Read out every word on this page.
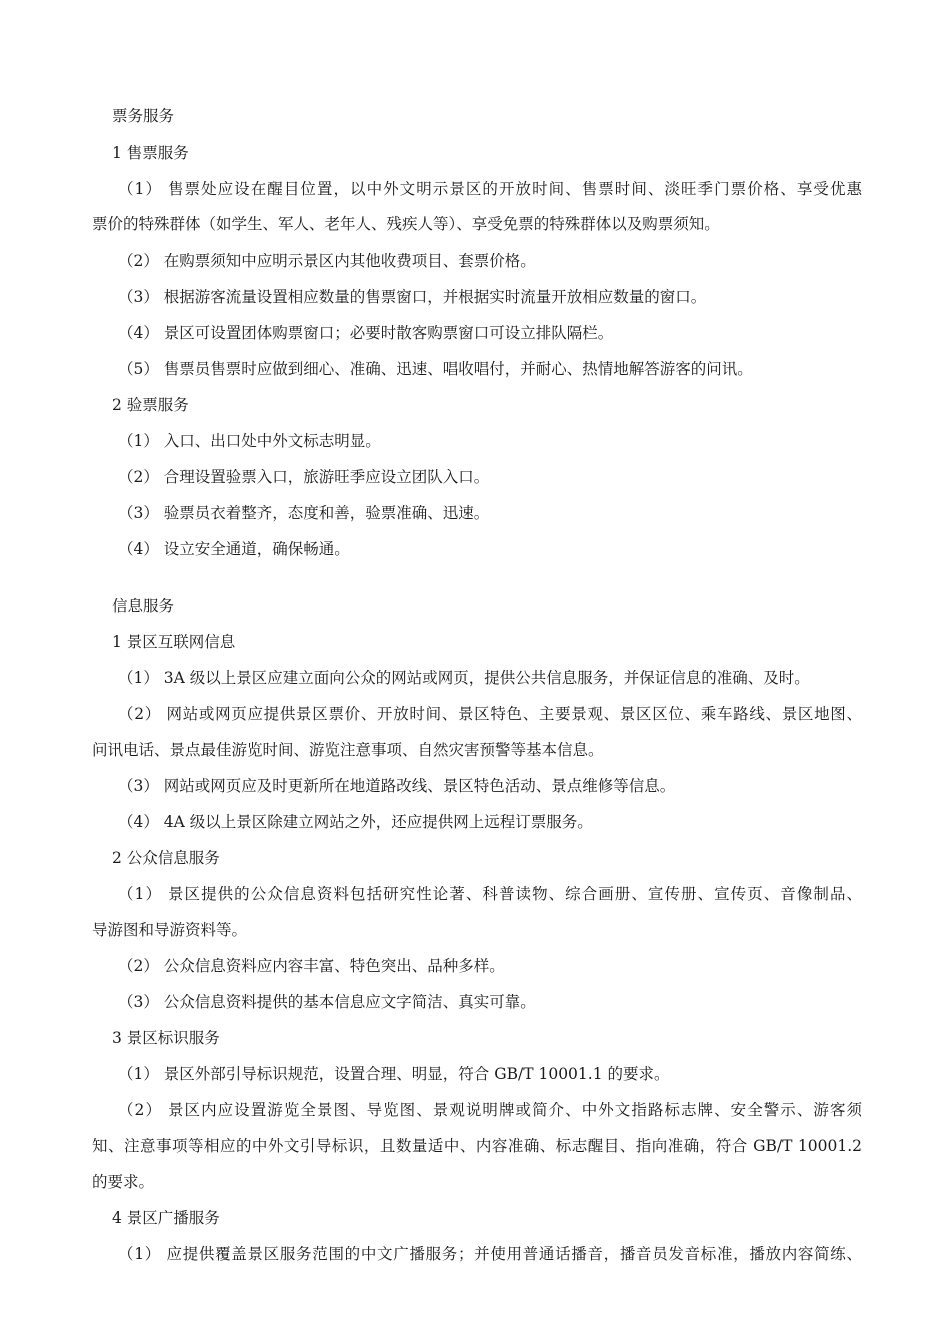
票务服务
1 售票服务
（1） 售票处应设在醒目位置，以中外文明示景区的开放时间、售票时间、淡旺季门票价格、享受优惠
票价的特殊群体（如学生、军人、老年人、残疾人等）、享受免票的特殊群体以及购票须知。
（2） 在购票须知中应明示景区内其他收费项目、套票价格。
（3） 根据游客流量设置相应数量的售票窗口，并根据实时流量开放相应数量的窗口。
（4） 景区可设置团体购票窗口；必要时散客购票窗口可设立排队隔栏。
（5） 售票员售票时应做到细心、准确、迅速、唱收唱付，并耐心、热情地解答游客的问讯。
2 验票服务
（1） 入口、出口处中外文标志明显。
（2） 合理设置验票入口，旅游旺季应设立团队入口。
（3） 验票员衣着整齐，态度和善，验票准确、迅速。
（4） 设立安全通道，确保畅通。
信息服务
1 景区互联网信息
（1） 3A 级以上景区应建立面向公众的网站或网页，提供公共信息服务，并保证信息的准确、及时。
（2） 网站或网页应提供景区票价、开放时间、景区特色、主要景观、景区区位、乘车路线、景区地图、
问讯电话、景点最佳游览时间、游览注意事项、自然灾害预警等基本信息。
（3） 网站或网页应及时更新所在地道路改线、景区特色活动、景点维修等信息。
（4） 4A 级以上景区除建立网站之外，还应提供网上远程订票服务。
2 公众信息服务
（1） 景区提供的公众信息资料包括研究性论著、科普读物、综合画册、宣传册、宣传页、音像制品、
导游图和导游资料等。
（2） 公众信息资料应内容丰富、特色突出、品种多样。
（3） 公众信息资料提供的基本信息应文字简洁、真实可靠。
3 景区标识服务
（1） 景区外部引导标识规范，设置合理、明显，符合 GB/T 10001.1 的要求。
（2） 景区内应设置游览全景图、导览图、景观说明牌或简介、中外文指路标志牌、安全警示、游客须
知、注意事项等相应的中外文引导标识，且数量适中、内容准确、标志醒目、指向准确，符合 GB/T 10001.2
的要求。
4 景区广播服务
（1） 应提供覆盖景区服务范围的中文广播服务；并使用普通话播音，播音员发音标准，播放内容简练、
